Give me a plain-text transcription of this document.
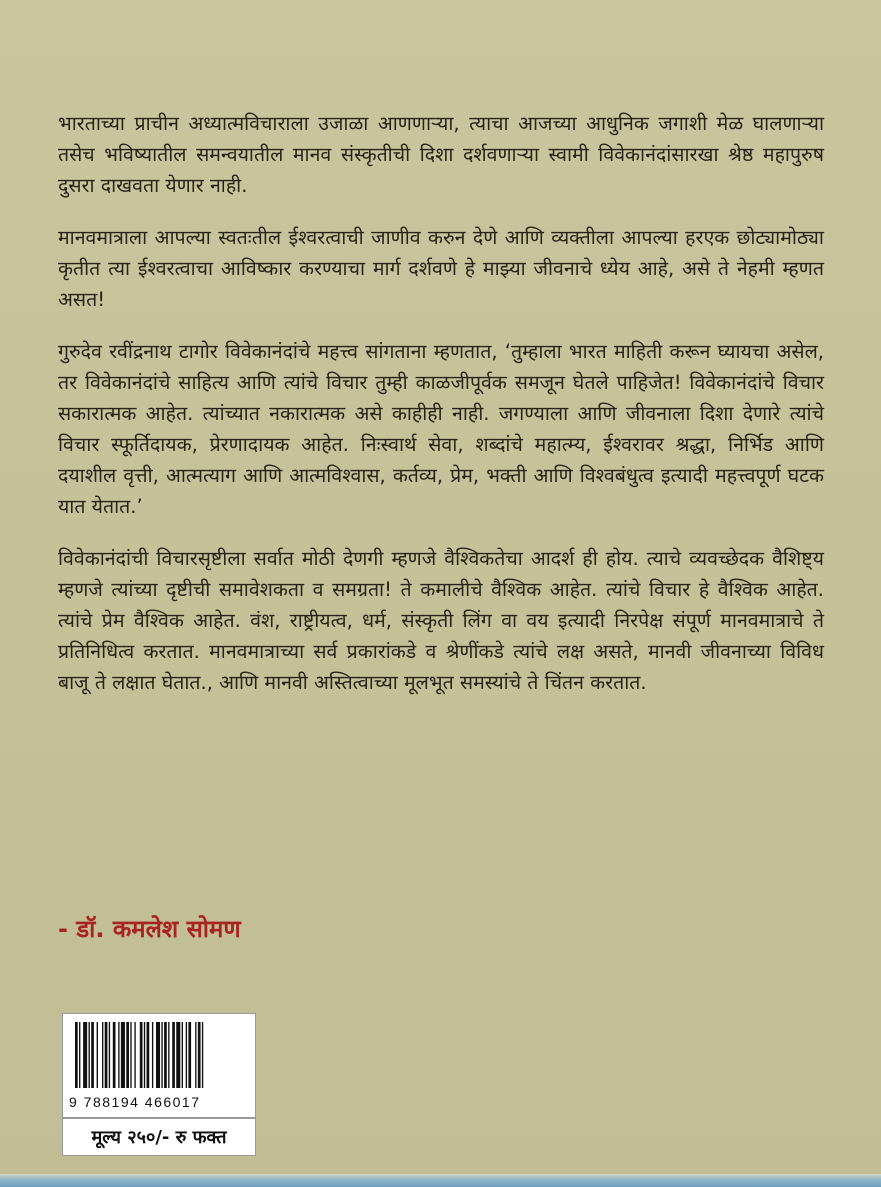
भारताच्या प्राचीन अध्यात्मविचाराला उजाळा आणणाऱ्या, त्याचा आजच्या आधुनिक जगाशी मेळ घालणाऱ्या तसेच भविष्यातील समन्वयातील मानव संस्कृतीची दिशा दर्शवणाऱ्या स्वामी विवेकानंदांसारखा श्रेष्ठ महापुरुष दुसरा दाखवता येणार नाही.

मानवमात्राला आपल्या स्वतःतील ईश्वरत्वाची जाणीव करुन देणे आणि व्यक्तीला आपल्या हरएक छोट्यामोठ्या कृतीत त्या ईश्वरत्वाचा आविष्कार करण्याचा मार्ग दर्शवणे हे माझ्या जीवनाचे ध्येय आहे, असे ते नेहमी म्हणत असत!

गुरुदेव रवींद्रनाथ टागोर विवेकानंदांचे महत्त्व सांगताना म्हणतात, ‘तुम्हाला भारत माहिती करून घ्यायचा असेल, तर विवेकानंदांचे साहित्य आणि त्यांचे विचार तुम्ही काळजीपूर्वक समजून घेतले पाहिजेत! विवेकानंदांचे विचार सकारात्मक आहेत. त्यांच्यात नकारात्मक असे काहीही नाही. जगण्याला आणि जीवनाला दिशा देणारे त्यांचे विचार स्फूर्तिदायक, प्रेरणादायक आहेत. निःस्वार्थ सेवा, शब्दांचे महात्म्य, ईश्वरावर श्रद्धा, निर्भिड आणि दयाशील वृत्ती, आत्मत्याग आणि आत्मविश्वास, कर्तव्य, प्रेम, भक्ती आणि विश्वबंधुत्व इत्यादी महत्त्वपूर्ण घटक यात येतात.’

विवेकानंदांची विचारसृष्टीला सर्वात मोठी देणगी म्हणजे वैश्विकतेचा आदर्श ही होय. त्याचे व्यवच्छेदक वैशिष्ट्य म्हणजे त्यांच्या दृष्टीची समावेशकता व समग्रता! ते कमालीचे वैश्विक आहेत. त्यांचे विचार हे वैश्विक आहेत. त्यांचे प्रेम वैश्विक आहेत. वंश, राष्ट्रीयत्व, धर्म, संस्कृती लिंग वा वय इत्यादी निरपेक्ष संपूर्ण मानवमात्राचे ते प्रतिनिधित्व करतात. मानवमात्राच्या सर्व प्रकारांकडे व श्रेणींकडे त्यांचे लक्ष असते, मानवी जीवनाच्या विविध बाजू ते लक्षात घेतात., आणि मानवी अस्तित्वाच्या मूलभूत समस्यांचे ते चिंतन करतात.

- डॉ. कमलेश सोमण
9 788194 466017
मूल्य २५०/- रु फक्त
